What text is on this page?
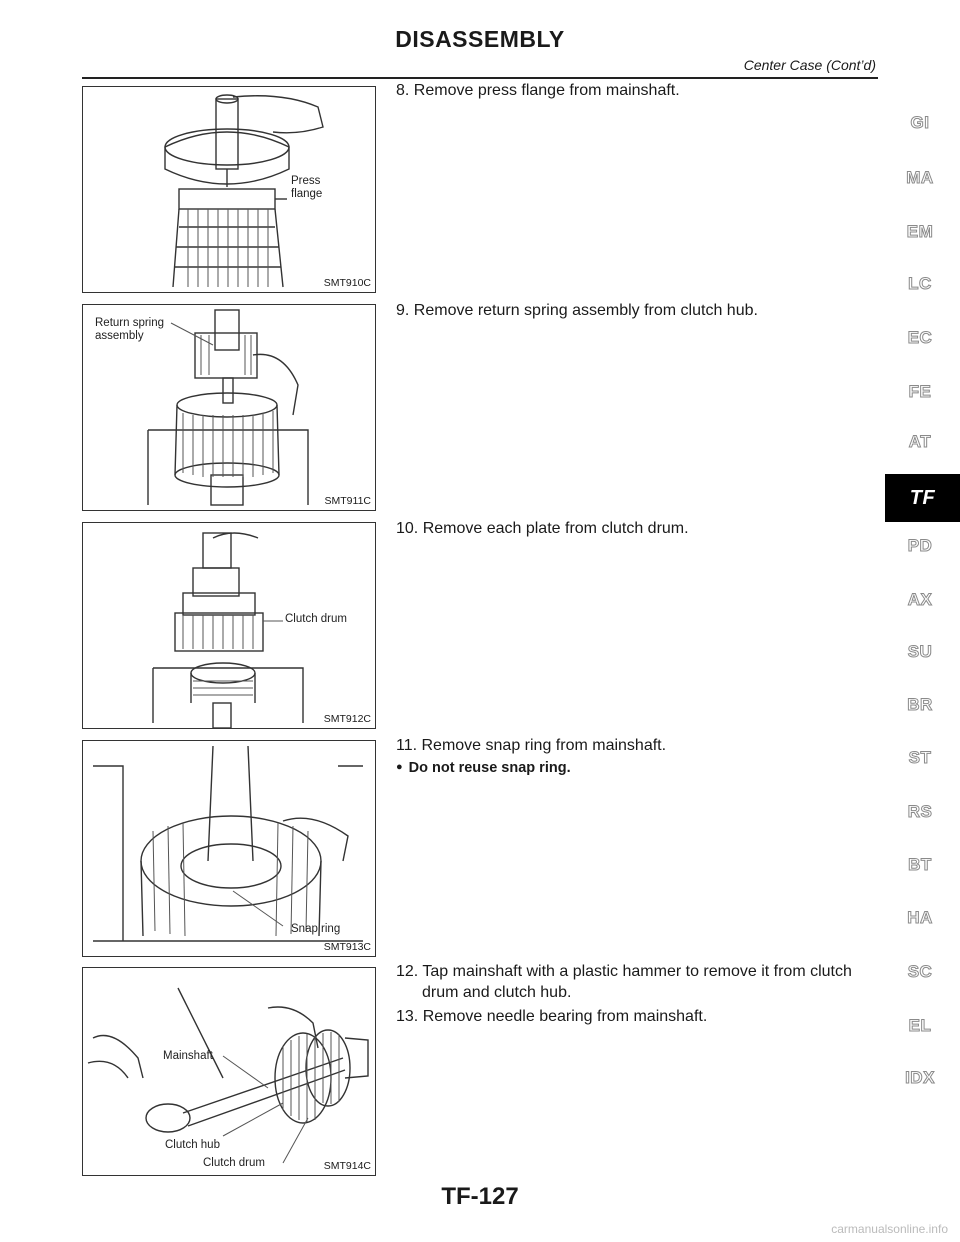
DISASSEMBLY
Center Case (Cont’d)
Press
flange
SMT910C
Return spring
assembly
SMT911C
Clutch drum
SMT912C
Snap ring
SMT913C
Mainshaft
Clutch hub
Clutch drum	SMT914C
8. Remove press flange from mainshaft.
9. Remove return spring assembly from clutch hub.
10. Remove each plate from clutch drum.
11. Remove snap ring from mainshaft.
● Do not reuse snap ring.
12. Tap mainshaft with a plastic hammer to remove it from clutch
drum and clutch hub.
13. Remove needle bearing from mainshaft.
GI
MA
EM
LC
EC
FE
AT
TF
PD
AX
SU
BR
ST
RS
BT
HA
SC
EL
IDX
TF-127
carmanualsonline.info
